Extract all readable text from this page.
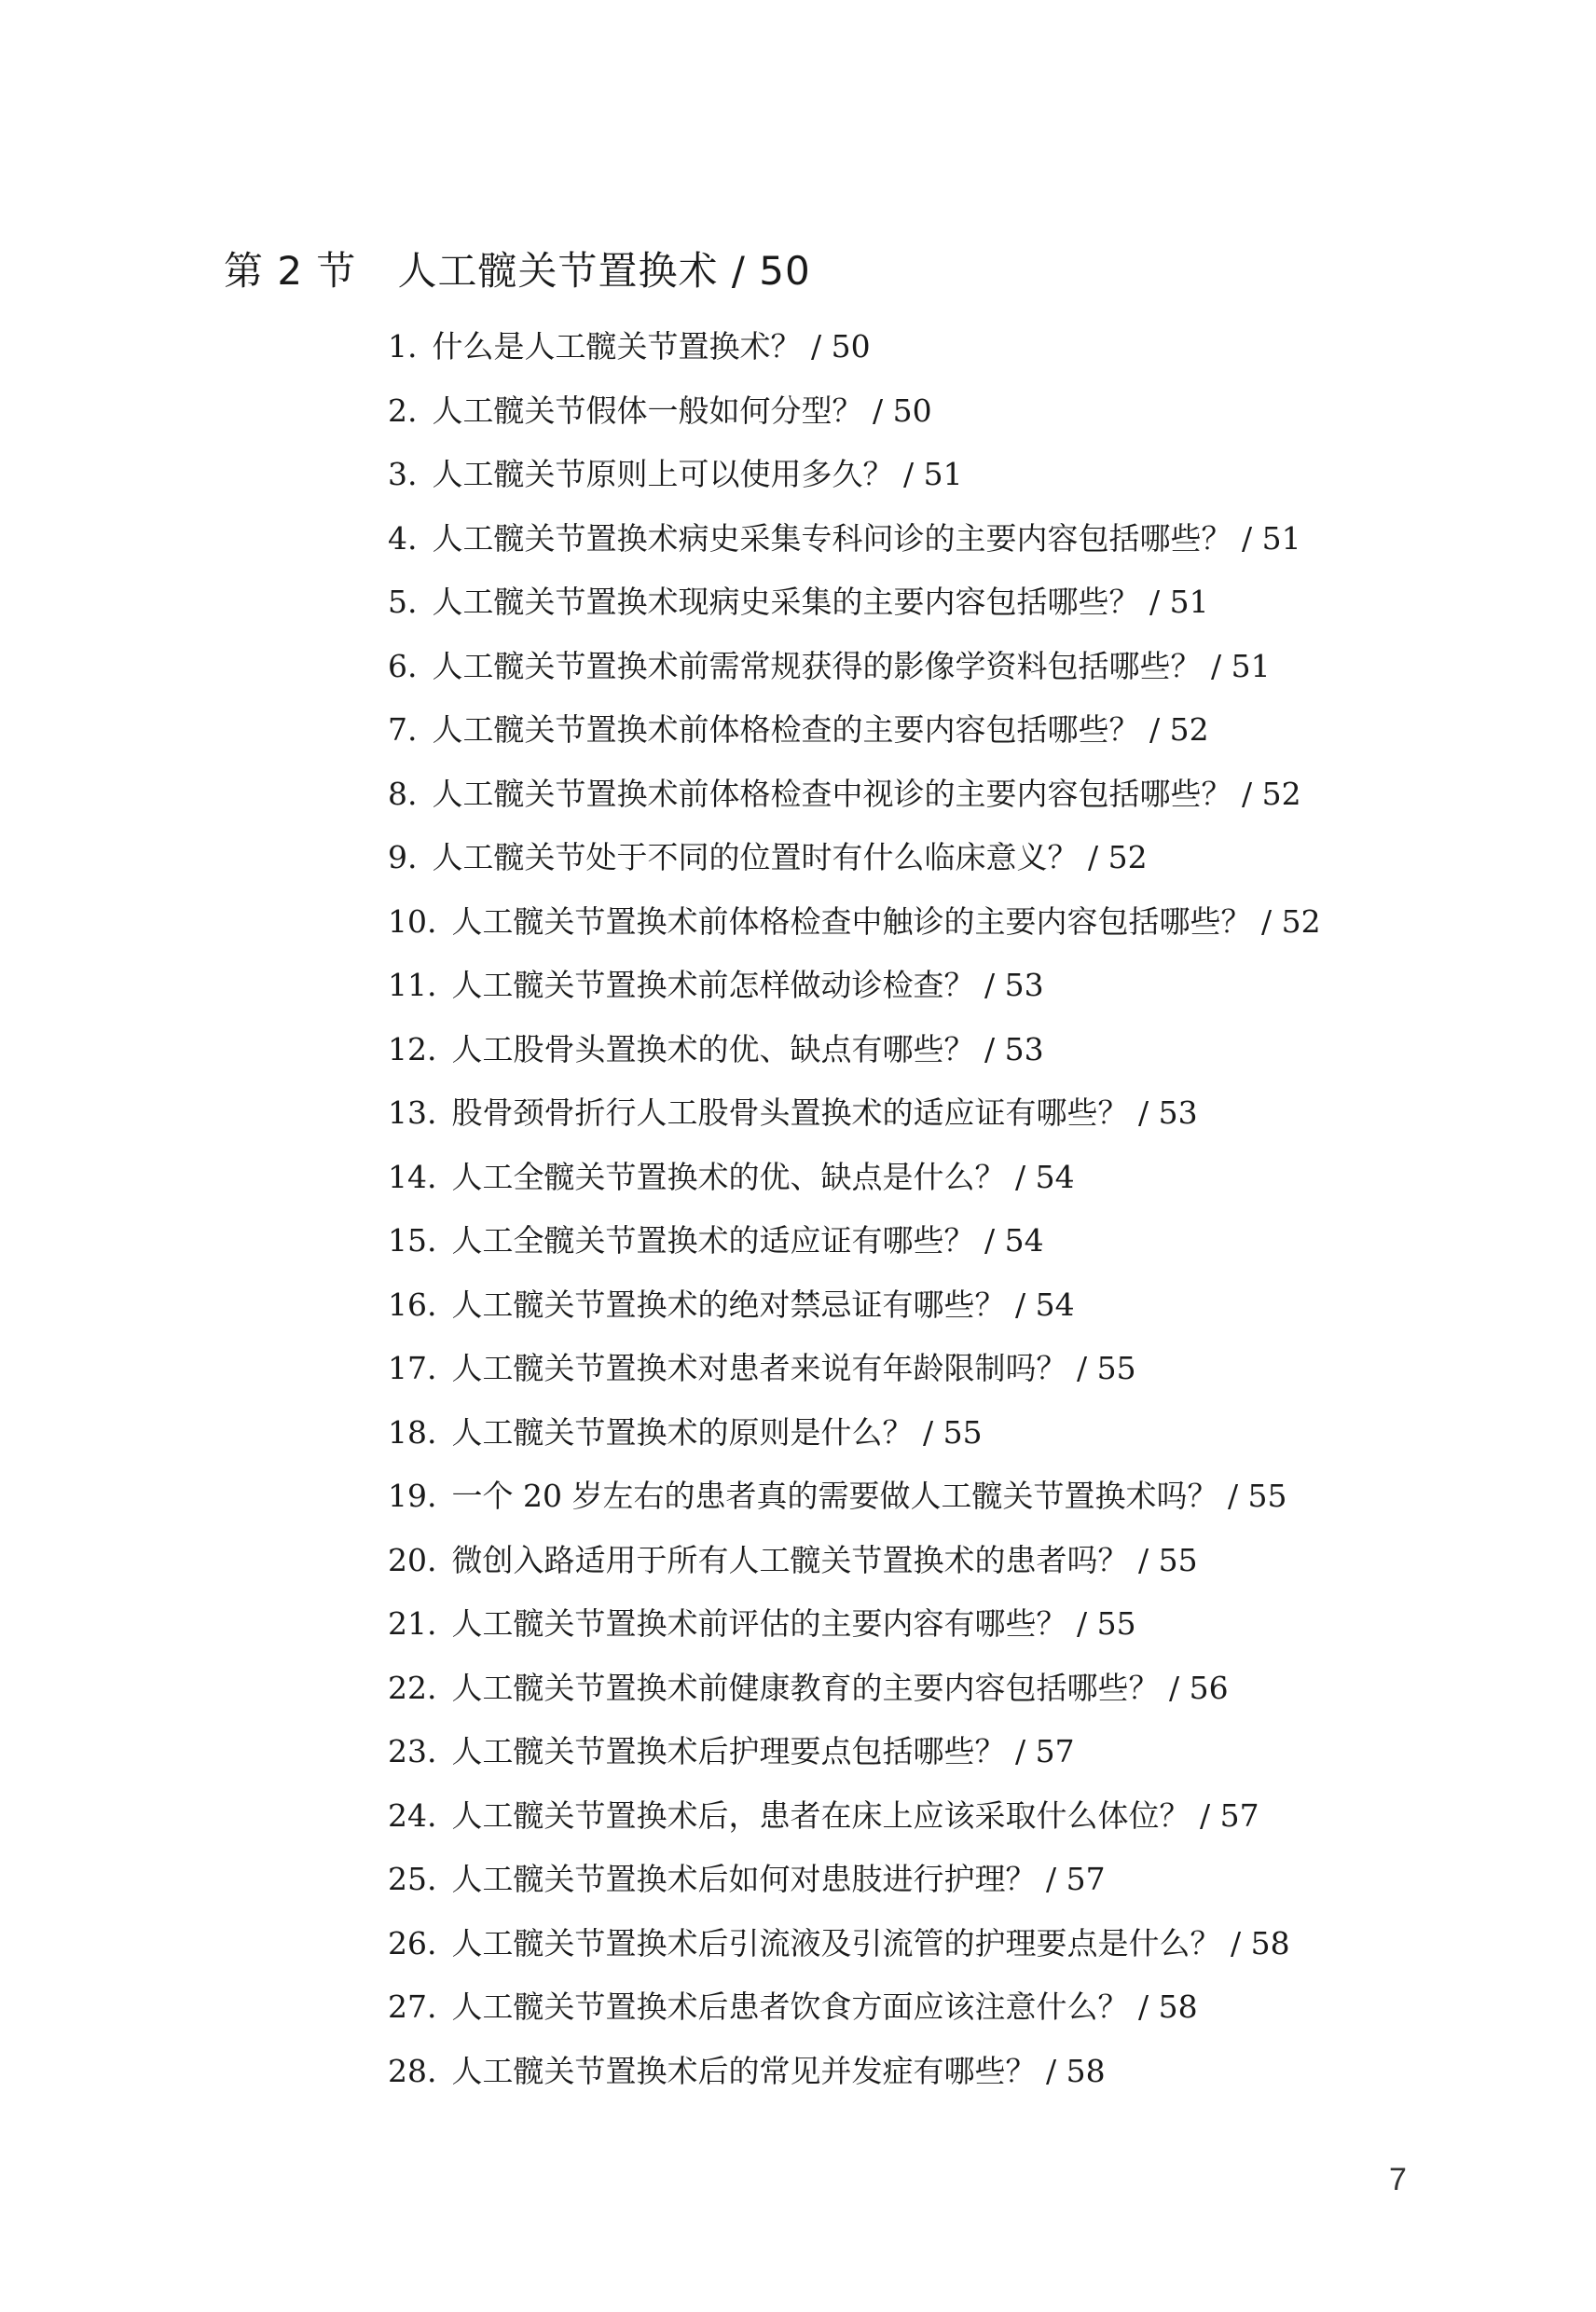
第 2 节 人工髋关节置换术 / 50
1. 什么是人工髋关节置换术？ / 50
2. 人工髋关节假体一般如何分型？ / 50
3. 人工髋关节原则上可以使用多久？ / 51
4. 人工髋关节置换术病史采集专科问诊的主要内容包括哪些？ / 51
5. 人工髋关节置换术现病史采集的主要内容包括哪些？ / 51
6. 人工髋关节置换术前需常规获得的影像学资料包括哪些？ / 51
7. 人工髋关节置换术前体格检查的主要内容包括哪些？ / 52
8. 人工髋关节置换术前体格检查中视诊的主要内容包括哪些？ / 52
9. 人工髋关节处于不同的位置时有什么临床意义？ / 52
10. 人工髋关节置换术前体格检查中触诊的主要内容包括哪些？ / 52
11. 人工髋关节置换术前怎样做动诊检查？ / 53
12. 人工股骨头置换术的优、缺点有哪些？ / 53
13. 股骨颈骨折行人工股骨头置换术的适应证有哪些？ / 53
14. 人工全髋关节置换术的优、缺点是什么？ / 54
15. 人工全髋关节置换术的适应证有哪些？ / 54
16. 人工髋关节置换术的绝对禁忌证有哪些？ / 54
17. 人工髋关节置换术对患者来说有年龄限制吗？ / 55
18. 人工髋关节置换术的原则是什么？ / 55
19. 一个 20 岁左右的患者真的需要做人工髋关节置换术吗？ / 55
20. 微创入路适用于所有人工髋关节置换术的患者吗？ / 55
21. 人工髋关节置换术前评估的主要内容有哪些？ / 55
22. 人工髋关节置换术前健康教育的主要内容包括哪些？ / 56
23. 人工髋关节置换术后护理要点包括哪些？ / 57
24. 人工髋关节置换术后，患者在床上应该采取什么体位？ / 57
25. 人工髋关节置换术后如何对患肢进行护理？ / 57
26. 人工髋关节置换术后引流液及引流管的护理要点是什么？ / 58
27. 人工髋关节置换术后患者饮食方面应该注意什么？ / 58
28. 人工髋关节置换术后的常见并发症有哪些？ / 58
7
